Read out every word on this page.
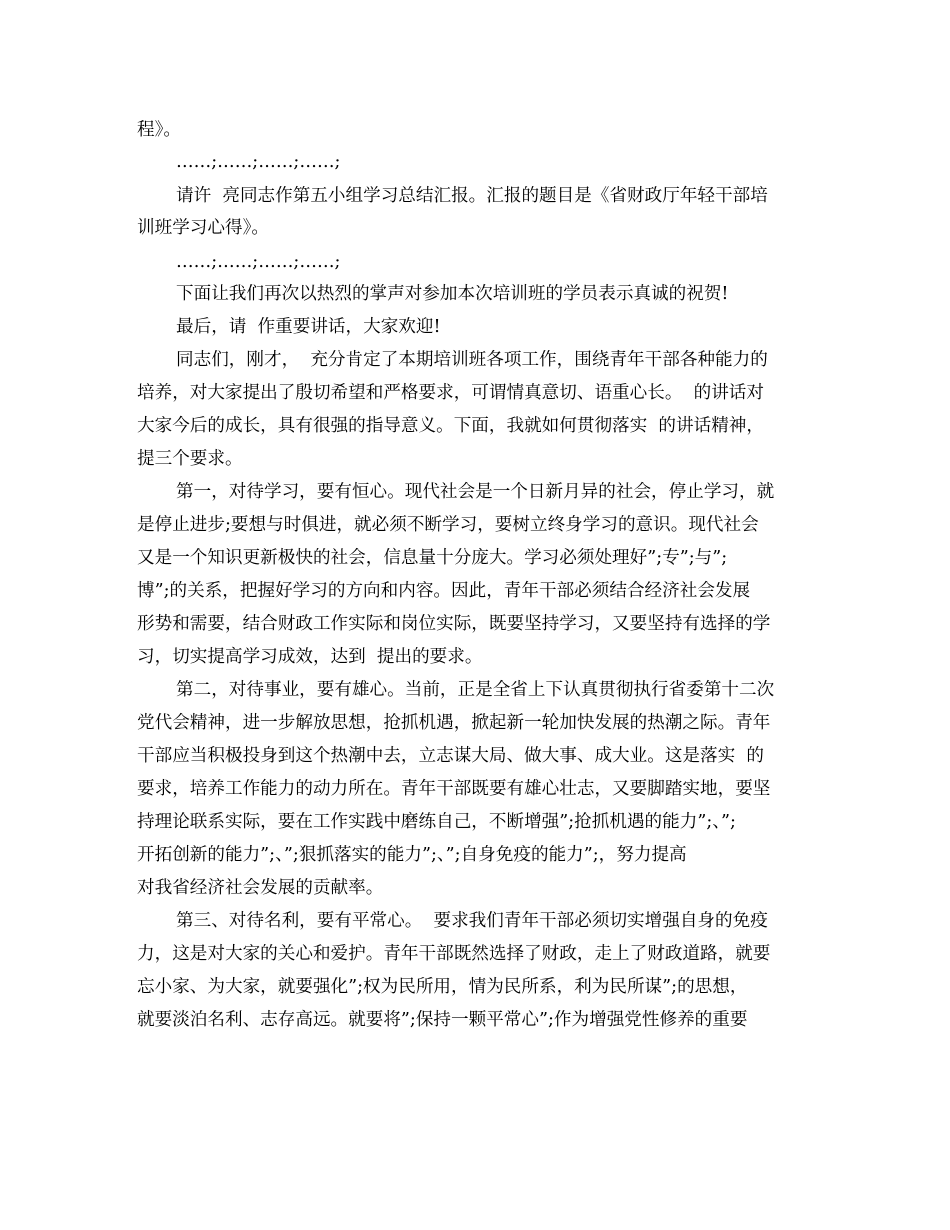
程》。
……;……;……;……;
请许  亮同志作第五小组学习总结汇报。汇报的题目是《省财政厅年轻干部培
训班学习心得》。
……;……;……;……;
下面让我们再次以热烈的掌声对参加本次培训班的学员表示真诚的祝贺!
最后，请  作重要讲话，大家欢迎!
同志们，刚才，  充分肯定了本期培训班各项工作，围绕青年干部各种能力的
培养，对大家提出了殷切希望和严格要求，可谓情真意切、语重心长。  的讲话对
大家今后的成长，具有很强的指导意义。下面，我就如何贯彻落实  的讲话精神，
提三个要求。
第一，对待学习，要有恒心。现代社会是一个日新月异的社会，停止学习，就
是停止进步;要想与时俱进，就必须不断学习，要树立终身学习的意识。现代社会
又是一个知识更新极快的社会，信息量十分庞大。学习必须处理好”;专”;与”;
博”;的关系，把握好学习的方向和内容。因此，青年干部必须结合经济社会发展
形势和需要，结合财政工作实际和岗位实际，既要坚持学习，又要坚持有选择的学
习，切实提高学习成效，达到  提出的要求。
第二，对待事业，要有雄心。当前，正是全省上下认真贯彻执行省委第十二次
党代会精神，进一步解放思想，抢抓机遇，掀起新一轮加快发展的热潮之际。青年
干部应当积极投身到这个热潮中去，立志谋大局、做大事、成大业。这是落实  的
要求，培养工作能力的动力所在。青年干部既要有雄心壮志，又要脚踏实地，要坚
持理论联系实际，要在工作实践中磨练自己，不断增强”;抢抓机遇的能力”;、”;
开拓创新的能力”;、”;狠抓落实的能力”;、”;自身免疫的能力”;，努力提高
对我省经济社会发展的贡献率。
第三、对待名利，要有平常心。  要求我们青年干部必须切实增强自身的免疫
力，这是对大家的关心和爱护。青年干部既然选择了财政，走上了财政道路，就要
忘小家、为大家，就要强化”;权为民所用，情为民所系，利为民所谋”;的思想，
就要淡泊名利、志存高远。就要将”;保持一颗平常心”;作为增强党性修养的重要
